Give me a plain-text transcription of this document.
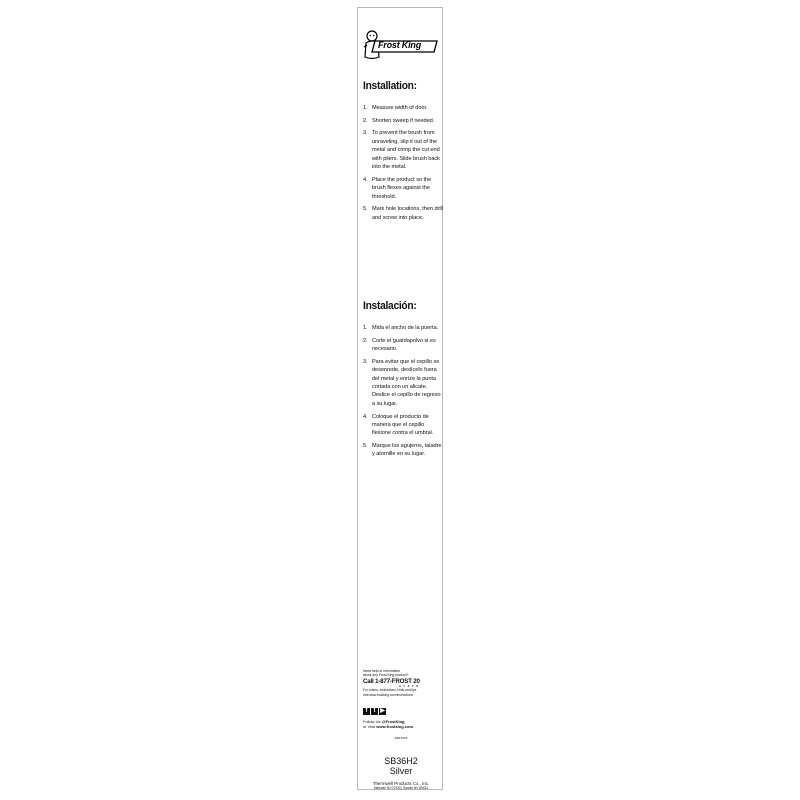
Frost King
Installation:
1. Measure width of door.
2. Shorten sweep if needed.
3. To prevent the brush from unraveling, slip it out of the metal and crimp the cut end with pliers. Slide brush back into the metal.
4. Place the product so the brush flexes against the threshold.
5. Mark hole locations, then drill and screw into place.
Instalación:
1. Mida el ancho de la puerta.
2. Corte el guardapolvo si es necesario.
3. Para evitar que el cepillo se desenrede, deslícelo fuera del metal y enrize la punta cortada con un alicate. Deslice el cepillo de regreso a su lugar.
4. Coloque el producto de manera que el cepillo flexione contra el umbral.
5. Marque los agujeros, taladre y atornille en su lugar.
Need help or information
about any Frost King product?
Call 1-877-FROST 20
3 7 6 7 8
For videos, instructions, hints and tips
visit www.frostking.com/instructions
f	t ▶
Follow Us @FrostKing
or Visit www.frostking.com
REF7018
SB36H2
Silver
Thermwell Products Co., Inc.
Mahwah NJ 07430 | Sparks NV 89431
